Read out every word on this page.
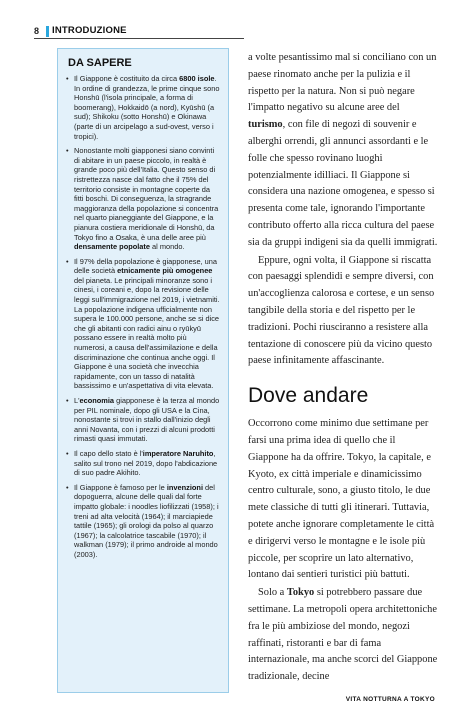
8 INTRODUZIONE
DA SAPERE
• Il Giappone è costituito da circa 6800 isole. In ordine di grandezza, le prime cinque sono Honshū (l'isola principale, a forma di boomerang), Hokkaidō (a nord), Kyūshū (a sud); Shikoku (sotto Honshū) e Okinawa (parte di un arcipelago a sud-ovest, verso i tropici).
• Nonostante molti giapponesi siano convinti di abitare in un paese piccolo, in realtà è grande poco più dell'Italia. Questo senso di ristrettezza nasce dal fatto che il 75% del territorio consiste in montagne coperte da fitti boschi. Di conseguenza, la stragrande maggioranza della popolazione si concentra nel quarto pianeggiante del Giappone, e la pianura costiera meridionale di Honshū, da Tokyo fino a Osaka, è una delle aree più densamente popolate al mondo.
• Il 97% della popolazione è giapponese, una delle società etnicamente più omogenee del pianeta. Le principali minoranze sono i cinesi, i coreani e, dopo la revisione delle leggi sull'immigrazione nel 2019, i vietnamiti. La popolazione indigena ufficialmente non supera le 100.000 persone, anche se si dice che gli abitanti con radici ainu o ryūkyū possano essere in realtà molto più numerosi, a causa dell'assimilazione e della discriminazione che continua anche oggi. Il Giappone è una società che invecchia rapidamente, con un tasso di natalità bassissimo e un'aspettativa di vita elevata.
• L'economia giapponese è la terza al mondo per PIL nominale, dopo gli USA e la Cina, nonostante si trovi in stallo dall'inizio degli anni Novanta, con i prezzi di alcuni prodotti rimasti quasi immutati.
• Il capo dello stato è l'imperatore Naruhito, salito sul trono nel 2019, dopo l'abdicazione di suo padre Akihito.
• Il Giappone è famoso per le invenzioni del dopoguerra, alcune delle quali dal forte impatto globale: i noodles liofilizzati (1958); i treni ad alta velocità (1964); il marciapiede tattile (1965); gli orologi da polso al quarzo (1967); la calcolatrice tascabile (1970); il walkman (1979); il primo androide al mondo (2003).

a volte pesantissimo mal si conciliano con un paese rinomato anche per la pulizia e il rispetto per la natura. Non si può negare l'impatto negativo su alcune aree del turismo, con file di negozi di souvenir e alberghi orrendi, gli annunci assordanti e le folle che spesso rovinano luoghi potenzialmente idilliaci. Il Giappone si considera una nazione omogenea, e spesso si presenta come tale, ignorando l'importante contributo offerto alla ricca cultura del paese sia da gruppi indigeni sia da quelli immigrati.

Eppure, ogni volta, il Giappone si riscatta con paesaggi splendidi e sempre diversi, con un'accoglienza calorosa e cortese, e un senso tangibile della storia e del rispetto per le tradizioni. Pochi riusciranno a resistere alla tentazione di conoscere più da vicino questo paese infinitamente affascinante.

Dove andare

Occorrono come minimo due settimane per farsi una prima idea di quello che il Giappone ha da offrire. Tokyo, la capitale, e Kyoto, ex città imperiale e dinamicissimo centro culturale, sono, a giusto titolo, le due mete classiche di tutti gli itinerari. Tuttavia, potete anche ignorare completamente le città e dirigervi verso le montagne e le isole più piccole, per scoprire un lato alternativo, lontano dai sentieri turistici più battuti.

Solo a Tokyo si potrebbero passare due settimane. La metropoli opera architettoniche fra le più ambiziose del mondo, negozi raffinati, ristoranti e bar di fama internazionale, ma anche scorci del Giappone tradizionale, decine

VITA NOTTURNA A TOKYO
